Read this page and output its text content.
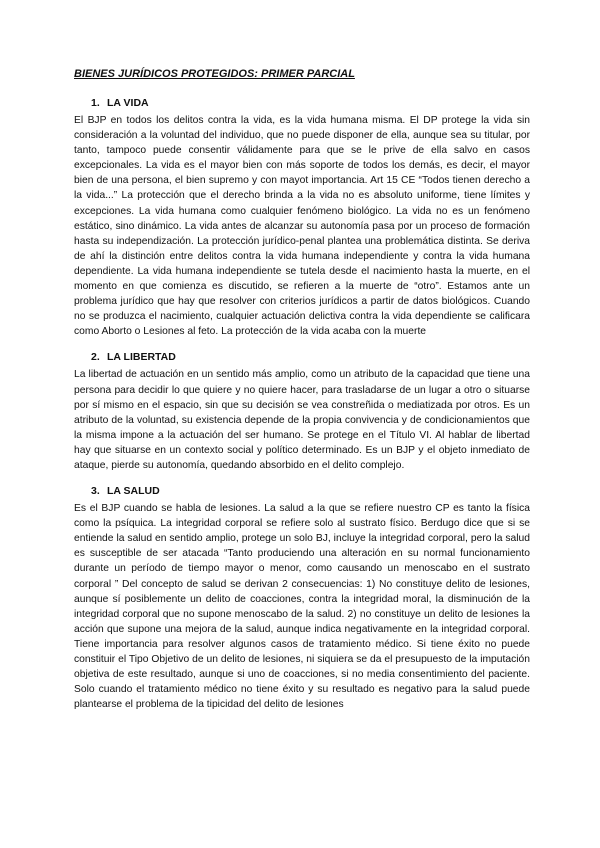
BIENES JURÍDICOS PROTEGIDOS: PRIMER PARCIAL
1. LA VIDA

El BJP en todos los delitos contra la vida, es la vida humana misma. El DP protege la vida sin consideración a la voluntad del individuo, que no puede disponer de ella, aunque sea su titular, por tanto, tampoco puede consentir válidamente para que se le prive de ella salvo en casos excepcionales. La vida es el mayor bien con más soporte de todos los demás, es decir, el mayor bien de una persona, el bien supremo y con mayot importancia. Art 15 CE “Todos tienen derecho a la vida...” La protección que el derecho brinda a la vida no es absoluto uniforme, tiene límites y excepciones. La vida humana como cualquier fenómeno biológico. La vida no es un fenómeno estático, sino dinámico. La vida antes de alcanzar su autonomía pasa por un proceso de formación hasta su independización. La protección jurídico-penal plantea una problemática distinta. Se deriva de ahí la distinción entre delitos contra la vida humana independiente y contra la vida humana dependiente. La vida humana independiente se tutela desde el nacimiento hasta la muerte, en el momento en que comienza es discutido, se refieren a la muerte de “otro”. Estamos ante un problema jurídico que hay que resolver con criterios jurídicos a partir de datos biológicos. Cuando no se produzca el nacimiento, cualquier actuación delictiva contra la vida dependiente se calificara como Aborto o Lesiones al feto. La protección de la vida acaba con la muerte

2. LA LIBERTAD

La libertad de actuación en un sentido más amplio, como un atributo de la capacidad que tiene una persona para decidir lo que quiere y no quiere hacer, para trasladarse de un lugar a otro o situarse por sí mismo en el espacio, sin que su decisión se vea constreñida o mediatizada por otros. Es un atributo de la voluntad, su existencia depende de la propia convivencia y de condicionamientos que la misma impone a la actuación del ser humano. Se protege en el Título VI. Al hablar de libertad hay que situarse en un contexto social y político determinado. Es un BJP y el objeto inmediato de ataque, pierde su autonomía, quedando absorbido en el delito complejo.

3. LA SALUD

Es el BJP cuando se habla de lesiones. La salud a la que se refiere nuestro CP es tanto la física como la psíquica. La integridad corporal se refiere solo al sustrato físico. Berdugo dice que si se entiende la salud en sentido amplio, protege un solo BJ, incluye la integridad corporal, pero la salud es susceptible de ser atacada “Tanto produciendo una alteración en su normal funcionamiento durante un período de tiempo mayor o menor, como causando un menoscabo en el sustrato corporal ” Del concepto de salud se derivan 2 consecuencias: 1) No constituye delito de lesiones, aunque sí posiblemente un delito de coacciones, contra la integridad moral, la disminución de la integridad corporal que no supone menoscabo de la salud. 2) no constituye un delito de lesiones la acción que supone una mejora de la salud, aunque indica negativamente en la integridad corporal. Tiene importancia para resolver algunos casos de tratamiento médico. Si tiene éxito no puede constituir el Tipo Objetivo de un delito de lesiones, ni siquiera se da el presupuesto de la imputación objetiva de este resultado, aunque si uno de coacciones, si no media consentimiento del paciente. Solo cuando el tratamiento médico no tiene éxito y su resultado es negativo para la salud puede plantearse el problema de la tipicidad del delito de lesiones
